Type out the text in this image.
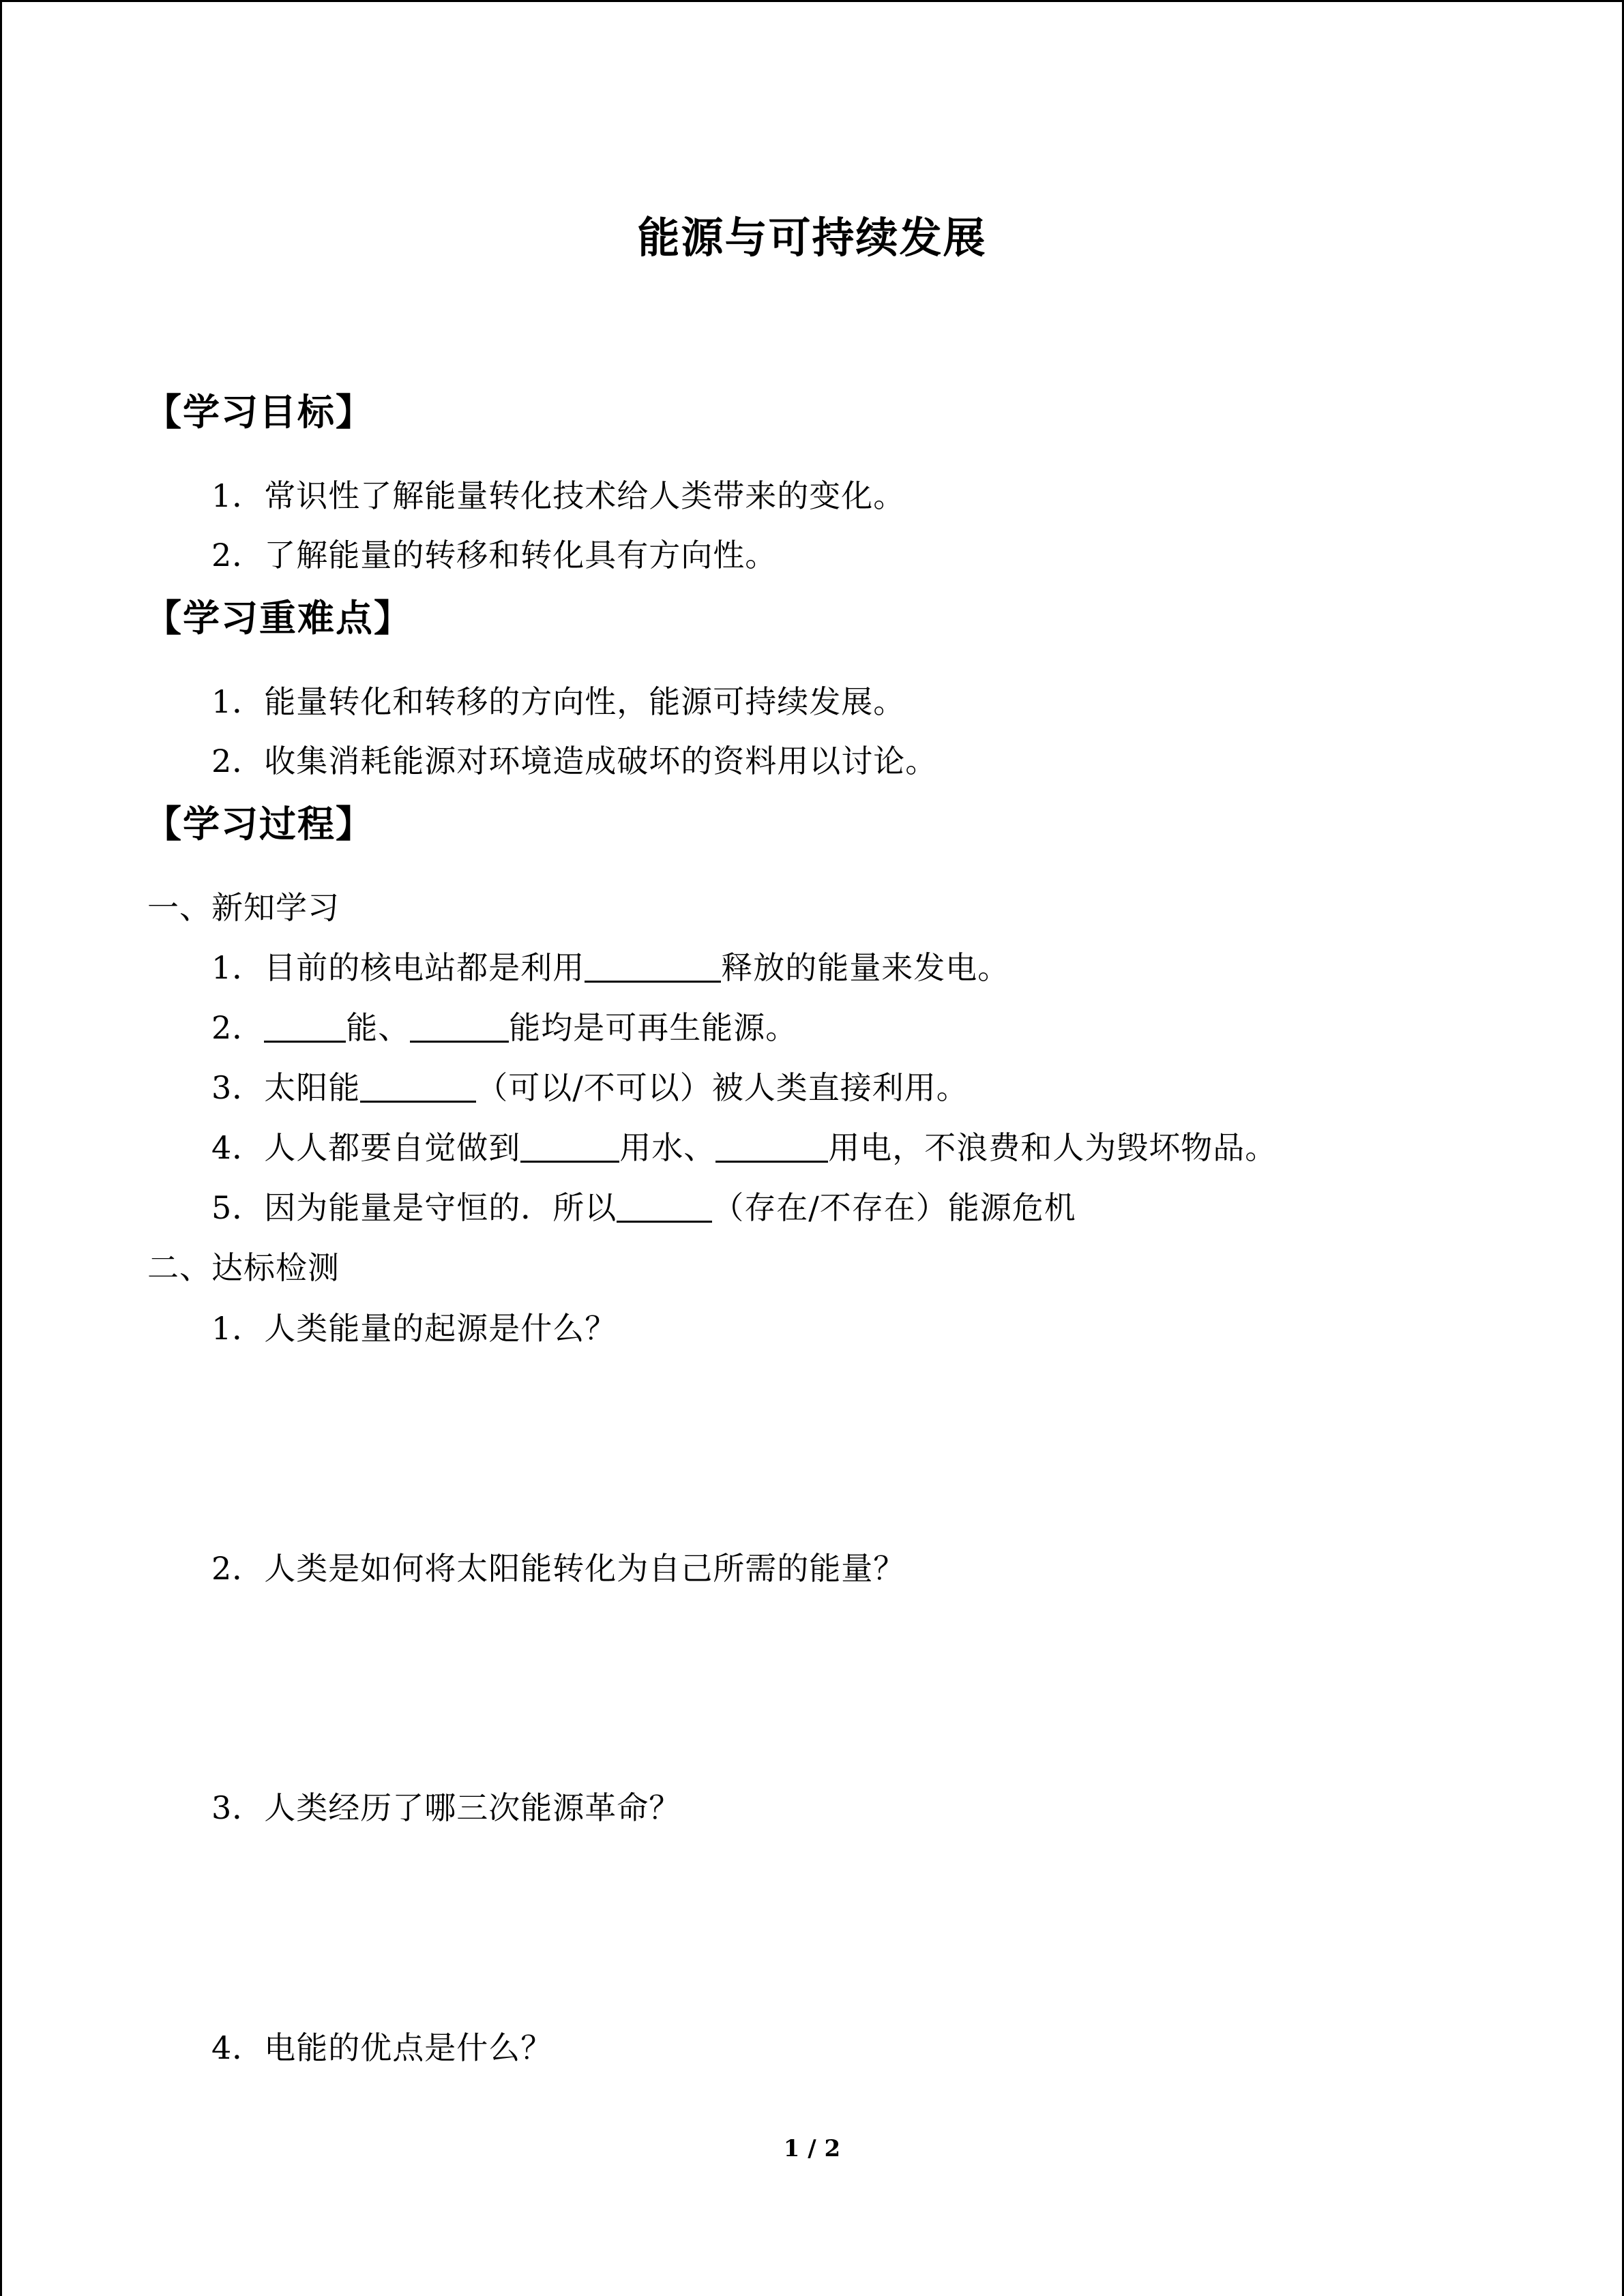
能源与可持续发展
【学习目标】
1．常识性了解能量转化技术给人类带来的变化。
2．了解能量的转移和转化具有方向性。
【学习重难点】
1．能量转化和转移的方向性，能源可持续发展。
2．收集消耗能源对环境造成破坏的资料用以讨论。
【学习过程】
一、新知学习
1．目前的核电站都是利用	释放的能量来发电。
2．	能、	能均是可再生能源。
3．太阳能	（可以/不可以）被人类直接利用。
4．人人都要自觉做到	用水、	用电，不浪费和人为毁坏物品。
5．因为能量是守恒的．所以	（存在/不存在）能源危机
二、达标检测
1．人类能量的起源是什么？
2．人类是如何将太阳能转化为自己所需的能量？
3．人类经历了哪三次能源革命？
4．电能的优点是什么？
1 / 2
